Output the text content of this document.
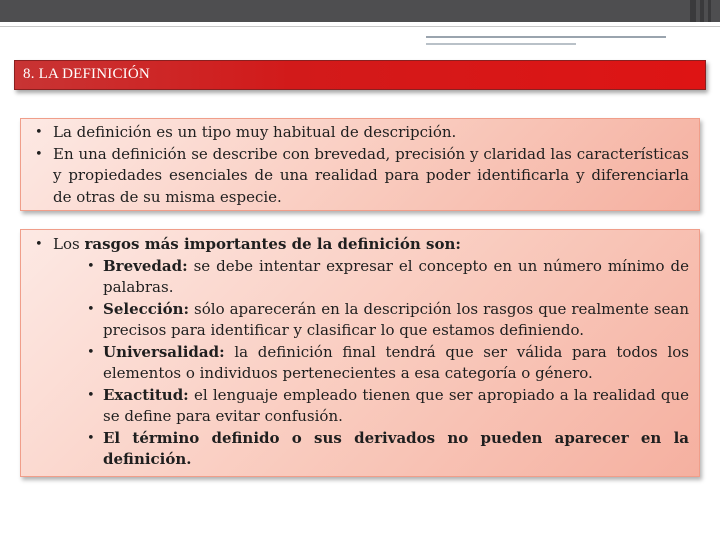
8. LA DEFINICIÓN
• La definición es un tipo muy habitual de descripción.
• En una definición se describe con brevedad, precisión y claridad las características y propiedades esenciales de una realidad para poder identificarla y diferenciarla de otras de su misma especie.
• Los rasgos más importantes de la definición son:
• Brevedad: se debe intentar expresar el concepto en un número mínimo de palabras.
• Selección: sólo aparecerán en la descripción los rasgos que realmente sean precisos para identificar y clasificar lo que estamos definiendo.
• Universalidad: la definición final tendrá que ser válida para todos los elementos o individuos pertenecientes a esa categoría o género.
• Exactitud: el lenguaje empleado tienen que ser apropiado a la realidad que se define para evitar confusión.
• El término definido o sus derivados no pueden aparecer en la definición.
